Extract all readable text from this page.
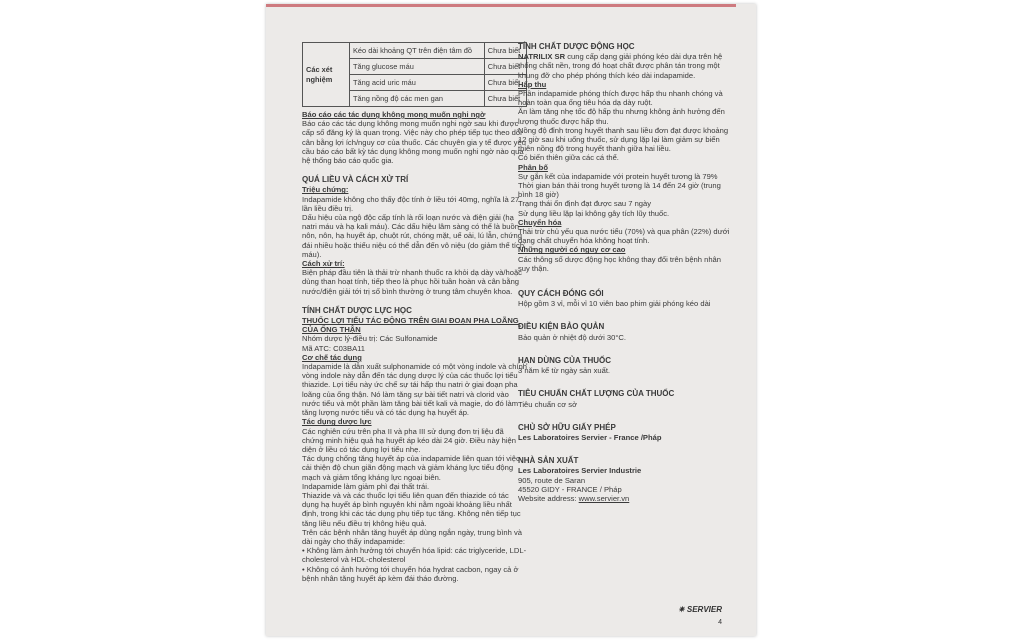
Các xét nghiệm	Kéo dài khoảng QT trên điện tâm đồ	Chưa biết
	Tăng glucose máu	Chưa biết
	Tăng acid uric máu	Chưa biết
	Tăng nồng độ các men gan	Chưa biết
Báo cáo các tác dụng không mong muốn nghi ngờ

Báo cáo các tác dụng không mong muốn nghi ngờ sau khi được cấp số đăng ký là quan trọng. Việc này cho phép tiếp tục theo dõi cân bằng lợi ích/nguy cơ của thuốc. Các chuyên gia y tế được yêu cầu báo cáo bất kỳ tác dụng không mong muốn nghi ngờ nào qua hệ thống báo cáo quốc gia.

QUÁ LIỀU VÀ CÁCH XỬ TRÍ
Triệu chứng:

Indapamide không cho thấy độc tính ở liều tới 40mg, nghĩa là 27 lần liều điều trị.

Dấu hiệu của ngộ độc cấp tính là rối loạn nước và điện giải (hạ natri máu và hạ kali máu). Các dấu hiệu lâm sàng có thể là buồn nôn, nôn, hạ huyết áp, chuột rút, chóng mặt, uể oải, lú lẫn, chứng đái nhiều hoặc thiểu niệu có thể dẫn đến vô niệu (do giảm thể tích máu).

Cách xử trí:

Biện pháp đầu tiên là thải trừ nhanh thuốc ra khỏi dạ dày và/hoặc dùng than hoạt tính, tiếp theo là phục hồi tuần hoàn và cân bằng nước/điện giải tới trị số bình thường ở trung tâm chuyên khoa.

TÍNH CHẤT DƯỢC LỰC HỌC
THUỐC LỢI TIỂU TÁC ĐỘNG TRÊN GIAI ĐOẠN PHA LOÃNG CỦA ỐNG THẬN

Nhóm dược lý-điều trị: Các Sulfonamide

Mã ATC: C03BA11

Cơ chế tác dụng

Indapamide là dẫn xuất sulphonamide có một vòng indole và chính vòng indole này dẫn đến tác dụng dược lý của các thuốc lợi tiểu thiazide. Lợi tiểu này ức chế sự tái hấp thu natri ở giai đoạn pha loãng của ống thận. Nó làm tăng sự bài tiết natri và clorid vào nước tiểu và một phần làm tăng bài tiết kali và magie, do đó làm tăng lượng nước tiểu và có tác dụng hạ huyết áp.

Tác dụng dược lực

Các nghiên cứu trên pha II và pha III sử dụng đơn trị liệu đã chứng minh hiệu quả hạ huyết áp kéo dài 24 giờ. Điều này hiện diện ở liều có tác dụng lợi tiểu nhẹ.

Tác dụng chống tăng huyết áp của indapamide liên quan tới việc cải thiện độ chun giãn động mạch và giảm kháng lực tiểu động mạch và giảm tổng kháng lực ngoại biên.

Indapamide làm giảm phì đại thất trái.

Thiazide và và các thuốc lợi tiểu liên quan đến thiazide có tác dụng hạ huyết áp bình nguyên khi nằm ngoài khoảng liều nhất định, trong khi các tác dụng phụ tiếp tục tăng. Không nên tiếp tục tăng liều nếu điều trị không hiệu quả.

Trên các bệnh nhân tăng huyết áp dùng ngắn ngày, trung bình và dài ngày cho thấy indapamide:

• Không làm ảnh hưởng tới chuyển hóa lipid: các triglyceride, LDL-cholesterol và HDL-cholesterol

• Không có ảnh hưởng tới chuyển hóa hydrat cacbon, ngay cả ở bệnh nhân tăng huyết áp kèm đái tháo đường.

TÍNH CHẤT DƯỢC ĐỘNG HỌC

NATRILIX SR cung cấp dạng giải phóng kéo dài dựa trên hệ thống chất nền, trong đó hoạt chất được phân tán trong một khung đỡ cho phép phóng thích kéo dài indapamide.

Hấp thu

Phần indapamide phóng thích được hấp thu nhanh chóng và hoàn toàn qua ống tiêu hóa dạ dày ruột.

Ăn làm tăng nhẹ tốc độ hấp thu nhưng không ảnh hưởng đến lượng thuốc được hấp thu.

Nồng độ đỉnh trong huyết thanh sau liều đơn đạt được khoảng 12 giờ sau khi uống thuốc, sử dụng lặp lại làm giảm sự biến thiên nồng độ trong huyết thanh giữa hai liều.

Có biến thiên giữa các cá thể.

Phân bố

Sự gắn kết của indapamide với protein huyết tương là 79%

Thời gian bán thải trong huyết tương là 14 đến 24 giờ (trung bình 18 giờ)

Trạng thái ổn định đạt được sau 7 ngày

Sử dụng liều lặp lại không gây tích lũy thuốc.

Chuyển hóa

Thải trừ chủ yếu qua nước tiểu (70%) và qua phân (22%) dưới dạng chất chuyển hóa không hoạt tính.

Những người có nguy cơ cao

Các thông số dược động học không thay đổi trên bệnh nhân suy thận.

QUY CÁCH ĐÓNG GÓI

Hộp gồm 3 vỉ, mỗi vỉ 10 viên bao phim giải phóng kéo dài

ĐIỀU KIỆN BẢO QUẢN

Bảo quản ở nhiệt độ dưới 30°C.

HẠN DÙNG CỦA THUỐC

3 năm kể từ ngày sản xuất.

TIÊU CHUẨN CHẤT LƯỢNG CỦA THUỐC

Tiêu chuẩn cơ sở

CHỦ SỞ HỮU GIẤY PHÉP

Les Laboratoires Servier - France /Pháp

NHÀ SẢN XUẤT

Les Laboratoires Servier Industrie

905, route de Saran

45520 GIDY - FRANCE / Pháp

Website address: www.servier.vn

✷ SERVIER
4
